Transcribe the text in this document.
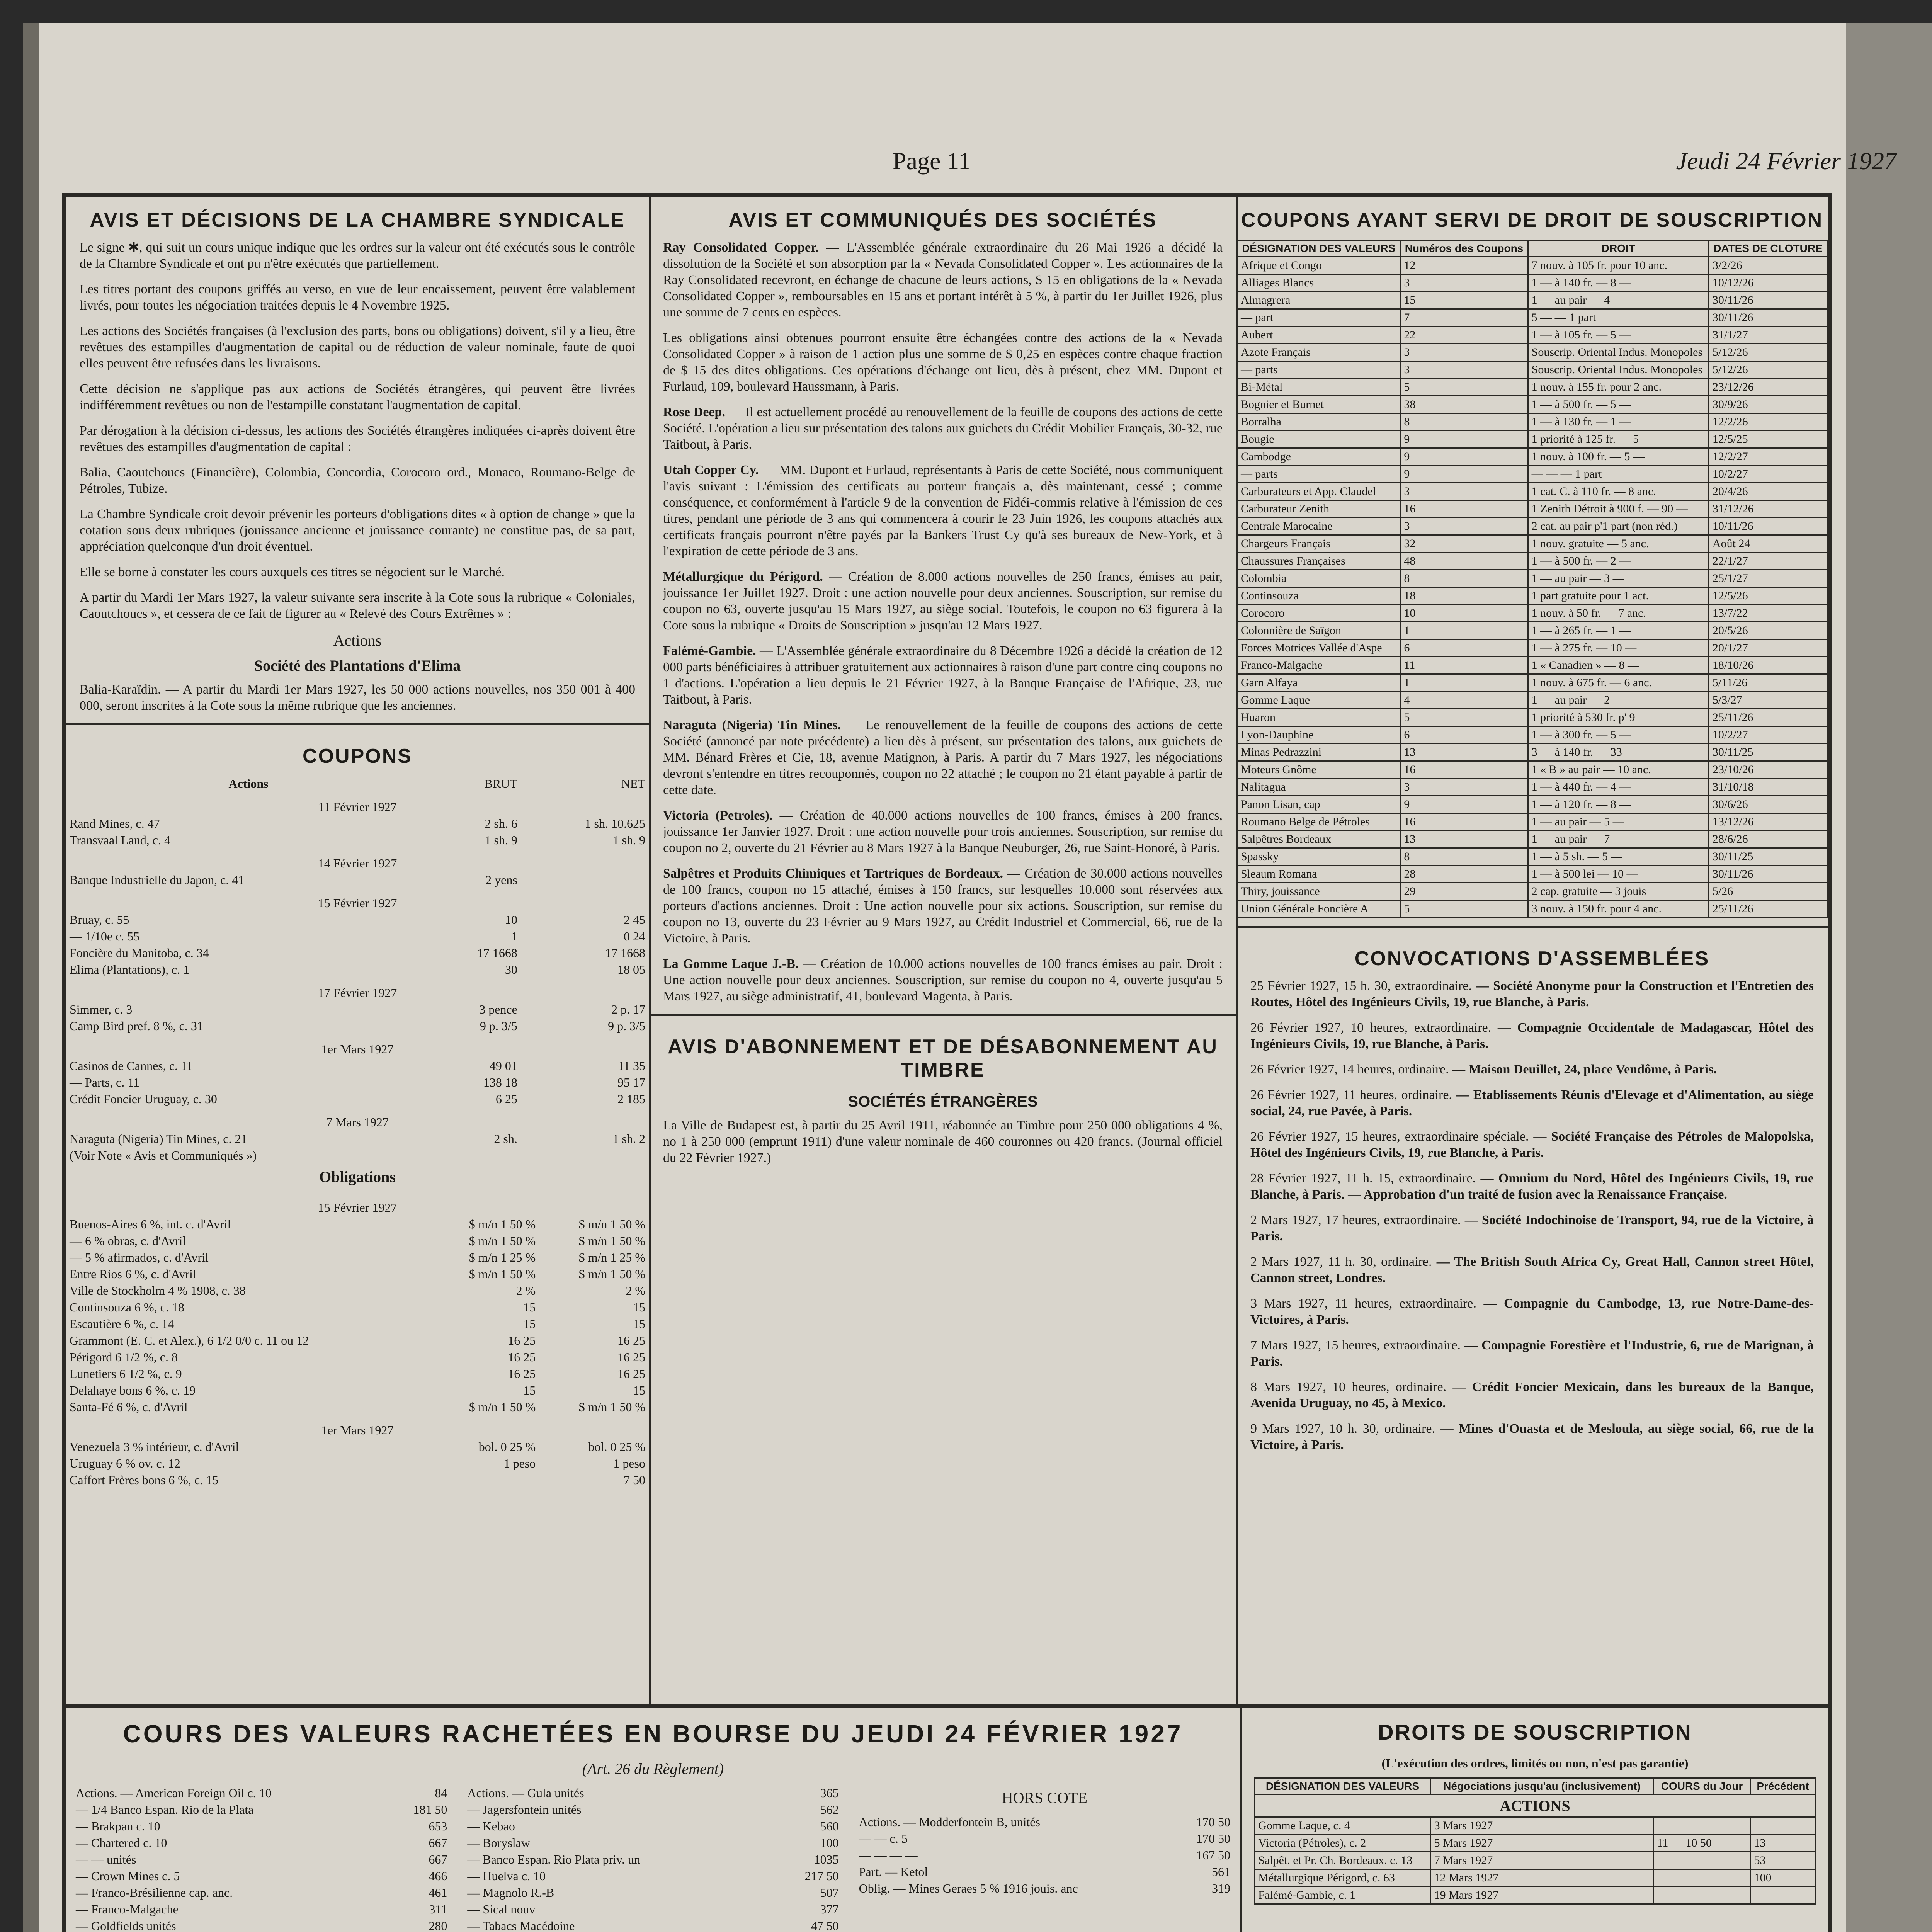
Page 11	Jeudi 24 Février 1927
AVIS ET DÉCISIONS DE LA CHAMBRE SYNDICALE

Le signe ✱, qui suit un cours unique indique que les ordres sur la valeur ont été exécutés sous le contrôle de la Chambre Syndicale et ont pu n'être exécutés que partiellement.

Les titres portant des coupons griffés au verso, en vue de leur encaissement, peuvent être valablement livrés, pour toutes les négociation traitées depuis le 4 Novembre 1925.

Les actions des Sociétés françaises (à l'exclusion des parts, bons ou obligations) doivent, s'il y a lieu, être revêtues des estampilles d'augmentation de capital ou de réduction de valeur nominale, faute de quoi elles peuvent être refusées dans les livraisons.

Cette décision ne s'applique pas aux actions de Sociétés étrangères, qui peuvent être livrées indifféremment revêtues ou non de l'estampille constatant l'augmentation de capital.

Par dérogation à la décision ci-dessus, les actions des Sociétés étrangères indiquées ci-après doivent être revêtues des estampilles d'augmentation de capital :

Balia, Caoutchoucs (Financière), Colombia, Concordia, Corocoro ord., Monaco, Roumano-Belge de Pétroles, Tubize.

La Chambre Syndicale croit devoir prévenir les porteurs d'obligations dites « à option de change » que la cotation sous deux rubriques (jouissance ancienne et jouissance courante) ne constitue pas, de sa part, appréciation quelconque d'un droit éventuel.

Elle se borne à constater les cours auxquels ces titres se négocient sur le Marché.

A partir du Mardi 1er Mars 1927, la valeur suivante sera inscrite à la Cote sous la rubrique « Coloniales, Caoutchoucs », et cessera de ce fait de figurer au « Relevé des Cours Extrêmes » :

Actions
Société des Plantations d'Elima

Balia-Karaïdin. — A partir du Mardi 1er Mars 1927, les 50 000 actions nouvelles, nos 350 001 à 400 000, seront inscrites à la Cote sous la même rubrique que les anciennes.

COUPONS
Actions	BRUT	NET
11 Février 1927		
Rand Mines, c. 47	2 sh. 6	1 sh. 10.625
Transvaal Land, c. 4	1 sh. 9	1 sh. 9
14 Février 1927		
Banque Industrielle du Japon, c. 41	2 yens	
15 Février 1927		
Bruay, c. 55	10	2 45
— 1/10e c. 55	1	0 24
Foncière du Manitoba, c. 34	17 1668	17 1668
Elima (Plantations), c. 1	30	18 05
17 Février 1927		
Simmer, c. 3	3 pence	2 p. 17
Camp Bird pref. 8 %, c. 31	9 p. 3/5	9 p. 3/5
1er Mars 1927		
Casinos de Cannes, c. 11	49 01	11 35
— Parts, c. 11	138 18	95 17
Crédit Foncier Uruguay, c. 30	6 25	2 185
7 Mars 1927		
Naraguta (Nigeria) Tin Mines, c. 21	2 sh.	1 sh. 2
(Voir Note « Avis et Communiqués »)		
Obligations
15 Février 1927		
Buenos-Aires 6 %, int. c. d'Avril	$ m/n 1 50 %	$ m/n 1 50 %
— 6 % obras, c. d'Avril	$ m/n 1 50 %	$ m/n 1 50 %
— 5 % afirmados, c. d'Avril	$ m/n 1 25 %	$ m/n 1 25 %
Entre Rios 6 %, c. d'Avril	$ m/n 1 50 %	$ m/n 1 50 %
Ville de Stockholm 4 % 1908, c. 38	2 %	2 %
Continsouza 6 %, c. 18	15	15
Escautière 6 %, c. 14	15	15
Grammont (E. C. et Alex.), 6 1/2 0/0 c. 11 ou 12	16 25	16 25
Périgord 6 1/2 %, c. 8	16 25	16 25
Lunetiers 6 1/2 %, c. 9	16 25	16 25
Delahaye bons 6 %, c. 19	15	15
Santa-Fé 6 %, c. d'Avril	$ m/n 1 50 %	$ m/n 1 50 %
1er Mars 1927		
Venezuela 3 % intérieur, c. d'Avril	bol. 0 25 %	bol. 0 25 %
Uruguay 6 % ov. c. 12	1 peso	1 peso
Caffort Frères bons 6 %, c. 15		7 50
AVIS ET COMMUNIQUÉS DES SOCIÉTÉS

Ray Consolidated Copper. — L'Assemblée générale extraordinaire du 26 Mai 1926 a décidé la dissolution de la Société et son absorption par la « Nevada Consolidated Copper ». Les actionnaires de la Ray Consolidated recevront, en échange de chacune de leurs actions, $ 15 en obligations de la « Nevada Consolidated Copper », remboursables en 15 ans et portant intérêt à 5 %, à partir du 1er Juillet 1926, plus une somme de 7 cents en espèces.

Les obligations ainsi obtenues pourront ensuite être échangées contre des actions de la « Nevada Consolidated Copper » à raison de 1 action plus une somme de $ 0,25 en espèces contre chaque fraction de $ 15 des dites obligations. Ces opérations d'échange ont lieu, dès à présent, chez MM. Dupont et Furlaud, 109, boulevard Haussmann, à Paris.

Rose Deep. — Il est actuellement procédé au renouvellement de la feuille de coupons des actions de cette Société. L'opération a lieu sur présentation des talons aux guichets du Crédit Mobilier Français, 30-32, rue Taitbout, à Paris.

Utah Copper Cy. — MM. Dupont et Furlaud, représentants à Paris de cette Société, nous communiquent l'avis suivant : L'émission des certificats au porteur français a, dès maintenant, cessé ; comme conséquence, et conformément à l'article 9 de la convention de Fidéi-commis relative à l'émission de ces titres, pendant une période de 3 ans qui commencera à courir le 23 Juin 1926, les coupons attachés aux certificats français pourront n'être payés par la Bankers Trust Cy qu'à ses bureaux de New-York, et à l'expiration de cette période de 3 ans.

Métallurgique du Périgord. — Création de 8.000 actions nouvelles de 250 francs, émises au pair, jouissance 1er Juillet 1927. Droit : une action nouvelle pour deux anciennes. Souscription, sur remise du coupon no 63, ouverte jusqu'au 15 Mars 1927, au siège social. Toutefois, le coupon no 63 figurera à la Cote sous la rubrique « Droits de Souscription » jusqu'au 12 Mars 1927.

Falémé-Gambie. — L'Assemblée générale extraordinaire du 8 Décembre 1926 a décidé la création de 12 000 parts bénéficiaires à attribuer gratuitement aux actionnaires à raison d'une part contre cinq coupons no 1 d'actions. L'opération a lieu depuis le 21 Février 1927, à la Banque Française de l'Afrique, 23, rue Taitbout, à Paris.

Naraguta (Nigeria) Tin Mines. — Le renouvellement de la feuille de coupons des actions de cette Société (annoncé par note précédente) a lieu dès à présent, sur présentation des talons, aux guichets de MM. Bénard Frères et Cie, 18, avenue Matignon, à Paris. A partir du 7 Mars 1927, les négociations devront s'entendre en titres recouponnés, coupon no 22 attaché ; le coupon no 21 étant payable à partir de cette date.

Victoria (Petroles). — Création de 40.000 actions nouvelles de 100 francs, émises à 200 francs, jouissance 1er Janvier 1927. Droit : une action nouvelle pour trois anciennes. Souscription, sur remise du coupon no 2, ouverte du 21 Février au 8 Mars 1927 à la Banque Neuburger, 26, rue Saint-Honoré, à Paris.

Salpêtres et Produits Chimiques et Tartriques de Bordeaux. — Création de 30.000 actions nouvelles de 100 francs, coupon no 15 attaché, émises à 150 francs, sur lesquelles 10.000 sont réservées aux porteurs d'actions anciennes. Droit : Une action nouvelle pour six actions. Souscription, sur remise du coupon no 13, ouverte du 23 Février au 9 Mars 1927, au Crédit Industriel et Commercial, 66, rue de la Victoire, à Paris.

La Gomme Laque J.-B. — Création de 10.000 actions nouvelles de 100 francs émises au pair. Droit : Une action nouvelle pour deux anciennes. Souscription, sur remise du coupon no 4, ouverte jusqu'au 5 Mars 1927, au siège administratif, 41, boulevard Magenta, à Paris.

AVIS D'ABONNEMENT ET DE DÉSABONNEMENT AU TIMBRE
SOCIÉTÉS ÉTRANGÈRES

La Ville de Budapest est, à partir du 25 Avril 1911, réabonnée au Timbre pour 250 000 obligations 4 %, no 1 à 250 000 (emprunt 1911) d'une valeur nominale de 460 couronnes ou 420 francs. (Journal officiel du 22 Février 1927.)

COUPONS AYANT SERVI DE DROIT DE SOUSCRIPTION
DÉSIGNATION DES VALEURS	Numéros des Coupons	DROIT	DATES DE CLOTURE
Afrique et Congo	12	7 nouv. à 105 fr. pour 10 anc.	3/2/26
Alliages Blancs	3	1 — à 140 fr. — 8 —	10/12/26
Almagrera	15	1 — au pair — 4 —	30/11/26
— part	7	5 — — 1 part	30/11/26
Aubert	22	1 — à 105 fr. — 5 —	31/1/27
Azote Français	3	Souscrip. Oriental Indus. Monopoles	5/12/26
— parts	3	Souscrip. Oriental Indus. Monopoles	5/12/26
Bi-Métal	5	1 nouv. à 155 fr. pour 2 anc.	23/12/26
Bognier et Burnet	38	1 — à 500 fr. — 5 —	30/9/26
Borralha	8	1 — à 130 fr. — 1 —	12/2/26
Bougie	9	1 priorité à 125 fr. — 5 —	12/5/25
Cambodge	9	1 nouv. à 100 fr. — 5 —	12/2/27
— parts	9	— — — 1 part	10/2/27
Carburateurs et App. Claudel	3	1 cat. C. à 110 fr. — 8 anc.	20/4/26
Carburateur Zenith	16	1 Zenith Détroit à 900 f. — 90 —	31/12/26
Centrale Marocaine	3	2 cat. au pair p'1 part (non réd.)	10/11/26
Chargeurs Français	32	1 nouv. gratuite — 5 anc.	Août 24
Chaussures Françaises	48	1 — à 500 fr. — 2 —	22/1/27
Colombia	8	1 — au pair — 3 —	25/1/27
Continsouza	18	1 part gratuite pour 1 act.	12/5/26
Corocoro	10	1 nouv. à 50 fr. — 7 anc.	13/7/22
Colonnière de Saïgon	1	1 — à 265 fr. — 1 —	20/5/26
Forces Motrices Vallée d'Aspe	6	1 — à 275 fr. — 10 —	20/1/27
Franco-Malgache	11	1 « Canadien » — 8 —	18/10/26
Garn Alfaya	1	1 nouv. à 675 fr. — 6 anc.	5/11/26
Gomme Laque	4	1 — au pair — 2 —	5/3/27
Huaron	5	1 priorité à 530 fr. p' 9	25/11/26
Lyon-Dauphine	6	1 — à 300 fr. — 5 —	10/2/27
Minas Pedrazzini	13	3 — à 140 fr. — 33 —	30/11/25
Moteurs Gnôme	16	1 « B » au pair — 10 anc.	23/10/26
Nalitagua	3	1 — à 440 fr. — 4 —	31/10/18
Panon Lisan, cap	9	1 — à 120 fr. — 8 —	30/6/26
Roumano Belge de Pétroles	16	1 — au pair — 5 —	13/12/26
Salpêtres Bordeaux	13	1 — au pair — 7 —	28/6/26
Spassky	8	1 — à 5 sh. — 5 —	30/11/25
Sleaum Romana	28	1 — à 500 lei — 10 —	30/11/26
Thiry, jouissance	29	2 cap. gratuite — 3 jouis	5/26
Union Générale Foncière A	5	3 nouv. à 150 fr. pour 4 anc.	25/11/26
CONVOCATIONS D'ASSEMBLÉES

25 Février 1927, 15 h. 30, extraordinaire. — Société Anonyme pour la Construction et l'Entretien des Routes, Hôtel des Ingénieurs Civils, 19, rue Blanche, à Paris.

26 Février 1927, 10 heures, extraordinaire. — Compagnie Occidentale de Madagascar, Hôtel des Ingénieurs Civils, 19, rue Blanche, à Paris.

26 Février 1927, 14 heures, ordinaire. — Maison Deuillet, 24, place Vendôme, à Paris.

26 Février 1927, 11 heures, ordinaire. — Etablissements Réunis d'Elevage et d'Alimentation, au siège social, 24, rue Pavée, à Paris.

26 Février 1927, 15 heures, extraordinaire spéciale. — Société Française des Pétroles de Malopolska, Hôtel des Ingénieurs Civils, 19, rue Blanche, à Paris.

28 Février 1927, 11 h. 15, extraordinaire. — Omnium du Nord, Hôtel des Ingénieurs Civils, 19, rue Blanche, à Paris. — Approbation d'un traité de fusion avec la Renaissance Française.

2 Mars 1927, 17 heures, extraordinaire. — Société Indochinoise de Transport, 94, rue de la Victoire, à Paris.

2 Mars 1927, 11 h. 30, ordinaire. — The British South Africa Cy, Great Hall, Cannon street Hôtel, Cannon street, Londres.

3 Mars 1927, 11 heures, extraordinaire. — Compagnie du Cambodge, 13, rue Notre-Dame-des-Victoires, à Paris.

7 Mars 1927, 15 heures, extraordinaire. — Compagnie Forestière et l'Industrie, 6, rue de Marignan, à Paris.

8 Mars 1927, 10 heures, ordinaire. — Crédit Foncier Mexicain, dans les bureaux de la Banque, Avenida Uruguay, no 45, à Mexico.

9 Mars 1927, 10 h. 30, ordinaire. — Mines d'Ouasta et de Mesloula, au siège social, 66, rue de la Victoire, à Paris.

COURS DES VALEURS RACHETÉES EN BOURSE DU JEUDI 24 FÉVRIER 1927
(Art. 26 du Règlement)
Actions. — American Foreign Oil c. 10	84
— 1/4 Banco Espan. Rio de la Plata	181 50
— Brakpan c. 10	653
— Chartered c. 10	667
— — unités	667
— Crown Mines c. 5	466
— Franco-Brésilienne cap. anc.	461
— Franco-Malgache	311
— Goldfields unités	280

Actions. — Gula unités	365
— Jagersfontein unités	562
— Kebao	560
— Boryslaw	100
— Banco Espan. Rio Plata priv. un	1035
— Huelva c. 10	217 50
— Magnolo R.-B	507
— Sical nouv	377
— Tabacs Macédoine	47 50

HORS COTE
Actions. — Modderfontein B, unités	170 50
— — c. 5	170 50
— — — —	167 50
Part. — Ketol	561
Oblig. — Mines Geraes 5 % 1916 jouis. anc	319
DROITS DE SOUSCRIPTION
(L'exécution des ordres, limités ou non, n'est pas garantie)
DÉSIGNATION DES VALEURS	Négociations jusqu'au (inclusivement)	COURS du Jour	Précédent
ACTIONS			
Gomme Laque, c. 4	3 Mars 1927		
Victoria (Pétroles), c. 2	5 Mars 1927	11 — 10 50	13
Salpêt. et Pr. Ch. Bordeaux. c. 13	7 Mars 1927		53
Métallurgique Périgord, c. 63	12 Mars 1927		100
Falémé-Gambie, c. 1	19 Mars 1927		
